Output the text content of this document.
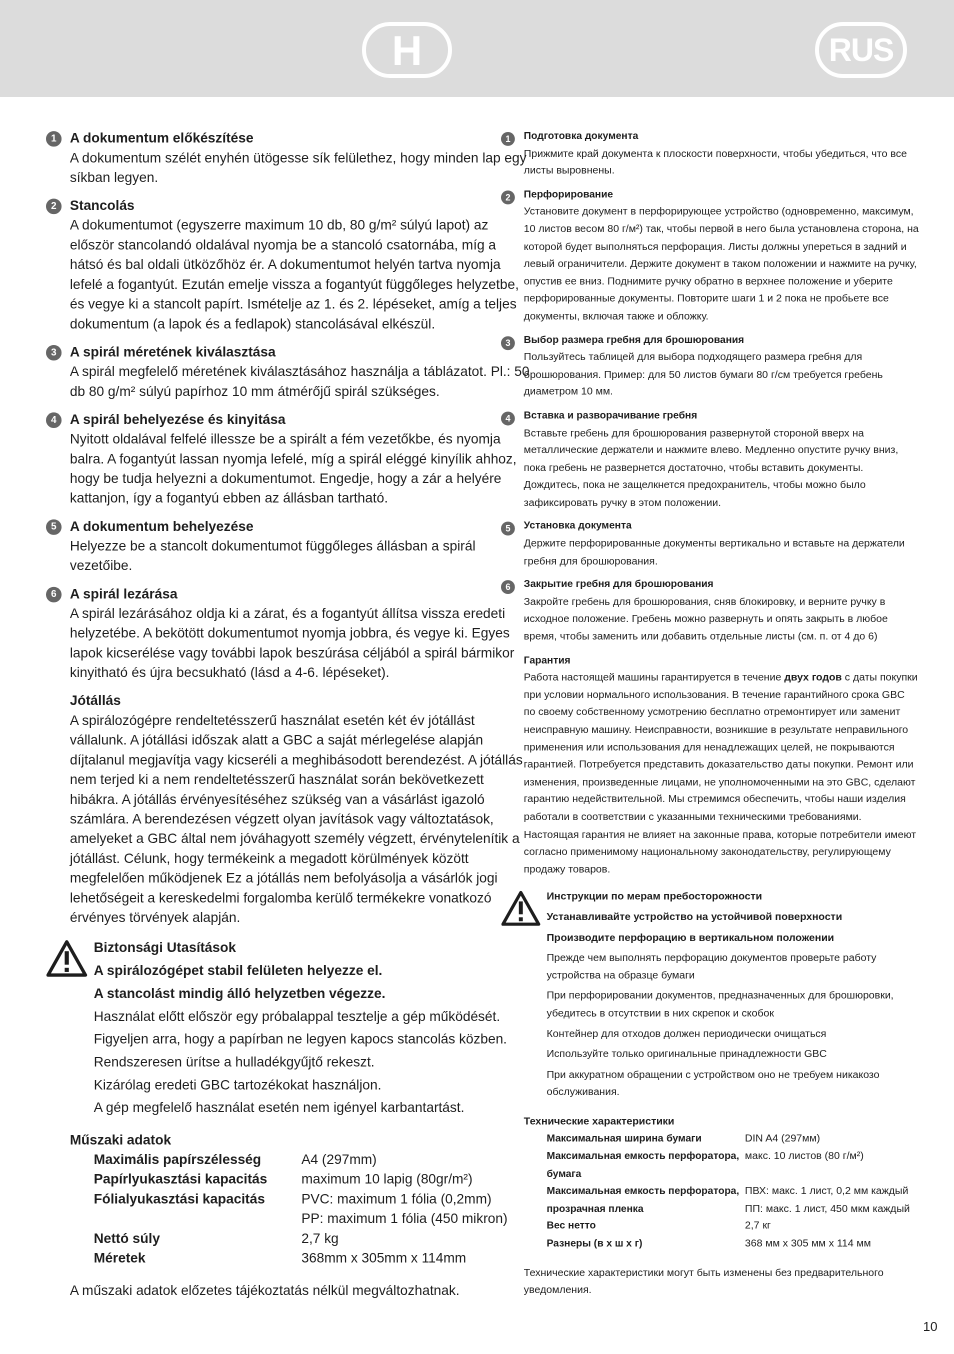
H	RUS
1	A dokumentum előkészítése
A dokumentum szélét enyhén ütögesse sík felülethez, hogy minden lap egy síkban legyen.
2	Stancolás
A dokumentumot (egyszerre maximum 10 db, 80 g/m² súlyú lapot) az először stancolandó oldalával nyomja be a stancoló csatornába, míg a hátsó és bal oldali ütközőhöz ér. A dokumentumot helyén tartva nyomja lefelé a fogantyút. Ezután emelje vissza a fogantyút függőleges helyzetbe, és vegye ki a stancolt papírt. Ismételje az 1. és 2. lépéseket, amíg a teljes dokumentum (a lapok és a fedlapok) stancolásával elkészül.
3	A spirál méretének kiválasztása
A spirál megfelelő méretének kiválasztásához használja a táblázatot. Pl.: 50 db 80 g/m² súlyú papírhoz 10 mm átmérőjű spirál szükséges.
4	A spirál behelyezése és kinyitása
Nyitott oldalával felfelé illessze be a spirált a fém vezetőkbe, és nyomja balra. A fogantyút lassan nyomja lefelé, míg a spirál eléggé kinyílik ahhoz, hogy be tudja helyezni a dokumentumot. Engedje, hogy a zár a helyére kattanjon, így a fogantyú ebben az állásban tartható.
5	A dokumentum behelyezése
Helyezze be a stancolt dokumentumot függőleges állásban a spirál vezetőibe.
6	A spirál lezárása
A spirál lezárásához oldja ki a zárat, és a fogantyút állítsa vissza eredeti helyzetébe. A bekötött dokumentumot nyomja jobbra, és vegye ki. Egyes lapok kicserélése vagy további lapok beszúrása céljából a spirál bármikor kinyitható és újra becsukható (lásd a 4-6. lépéseket).
Jótállás
A spirálozógépre rendeltetésszerű használat esetén két év jótállást vállalunk. A jótállási időszak alatt a GBC a saját mérlegelése alapján díjtalanul megjavítja vagy kicseréli a meghibásodott berendezést. A jótállás nem terjed ki a nem rendeltetésszerű használat során bekövetkezett hibákra. A jótállás érvényesítéséhez szükség van a vásárlást igazoló számlára. A berendezésen végzett olyan javítások vagy változtatások, amelyeket a GBC által nem jóváhagyott személy végzett, érvénytelenítik a jótállást. Célunk, hogy termékeink a megadott körülmények között megfelelően működjenek Ez a jótállás nem befolyásolja a vásárlók jogi lehetőségeit a kereskedelmi forgalomba kerülő termékekre vonatkozó érvényes törvények alapján.
Biztonsági Utasítások
A spirálozógépet stabil felületen helyezze el.
A stancolást mindig álló helyzetben végezze.
Használat előtt először egy próbalappal tesztelje a gép működését.
Figyeljen arra, hogy a papírban ne legyen kapocs stancolás közben.
Rendszeresen ürítse a hulladékgyűjtő rekeszt.
Kizárólag eredeti GBC tartozékokat használjon.
A gép megfelelő használat esetén nem igényel karbantartást.
Műszaki adatok
Maximális papírszélesség	A4 (297mm)
Papírlyukasztási kapacitás	maximum 10 lapig (80gr/m²)
Fólialyukasztási kapacitás	PVC: maximum 1 fólia (0,2mm)
	PP: maximum 1 fólia (450 mikron)
Nettó súly	2,7 kg
Méretek	368mm x 305mm x 114mm
A műszaki adatok előzetes tájékoztatás nélkül megváltozhatnak.
1	Подготовка документа
Прижмите край документа к плоскости поверхности, чтобы убедиться, что все листы выровнены.
2	Перфорирование
Установите документ в перфорирующее устройство (одновременно, максимум, 10 листов весом 80 г/м²) так, чтобы первой в него была установлена сторона, на которой будет выполняться перфорация. Листы должны упереться в задний и левый ограничители. Держите документ в таком положении и нажмите на ручку, опустив ее вниз. Поднимите ручку обратно в верхнее положение и уберите перфорированные документы. Повторите шаги 1 и 2 пока не пробьете все документы, включая также и обложку.
3	Выбор размера гребня для брошюрования
Пользуйтесь таблицей для выбора подходящего размера гребня для брошюрования. Пример: для 50 листов бумаги 80 г/см требуется гребень диаметром 10 мм.
4	Вставка и разворачивание гребня
Вставьте гребень для брошюрования развернутой стороной вверх на металлические держатели и нажмите влево. Медленно опустите ручку вниз, пока гребень не развернется достаточно, чтобы вставить документы. Дождитесь, пока не защелкнется предохранитель, чтобы можно было зафиксировать ручку в этом положении.
5	Установка документа
Держите перфорированные документы вертикально и вставьте на держатели гребня для брошюрования.
6	Закрытие гребня для брошюрования
Закройте гребень для брошюрования, сняв блокировку, и верните ручку в исходное положение. Гребень можно развернуть и опять закрыть в любое время, чтобы заменить или добавить отдельные листы (см. п. от 4 до 6)
Гарантия
Работа настоящей машины гарантируется в течение двух годов с даты покупки при условии нормального использования. В течение гарантийного срока GBC по своему собственному усмотрению бесплатно отремонтирует или заменит неисправную машину. Неисправности, возникшие в результате неправильного применения или использования для ненадлежащих целей, не покрываются гарантией. Потребуется представить доказательство даты покупки. Ремонт или изменения, произведенные лицами, не уполномоченными на это GBC, сделают гарантию недействительной. Мы стремимся обеспечить, чтобы наши изделия работали в соответствии с указанными техническими требованиями. Настоящая гарантия не влияет на законные права, которые потребители имеют согласно применимому национальному законодательству, регулирующему продажу товаров.
Инструкции по мерам пребосторожности
Устанавливайте устройство на устойчивой поверхности
Производите перфорацию в вертикальном положении
Прежде чем выполнять перфорацию документов проверьте работу устройства на образце бумаги
При перфорировании документов, предназначенных для брошюровки, убедитесь в отсутствии в них скрепок и скобок
Контейнер для отходов должен периодически очищаться
Используйте только оригинальные принадлежности GBC
При аккуратном обращении с устройством оно не требуем никакозо обслуживания.
Технические характеристики
Максимальная ширина бумаги	DIN A4 (297мм)
Максимальная емкость перфоратора, бумага	макс. 10 листов (80 г/м²)
Максимальная емкость перфоратора, прозрачная пленка	ПВХ: макс. 1 лист, 0,2 мм каждый ПП: макс. 1 лист, 450 мкм каждый
Вес нетто	2,7 кг
Разнеры (в х ш х г)	368 мм x 305 мм x 114 мм
Технические характеристики могут быть изменены без предварительного уведомления.
10
